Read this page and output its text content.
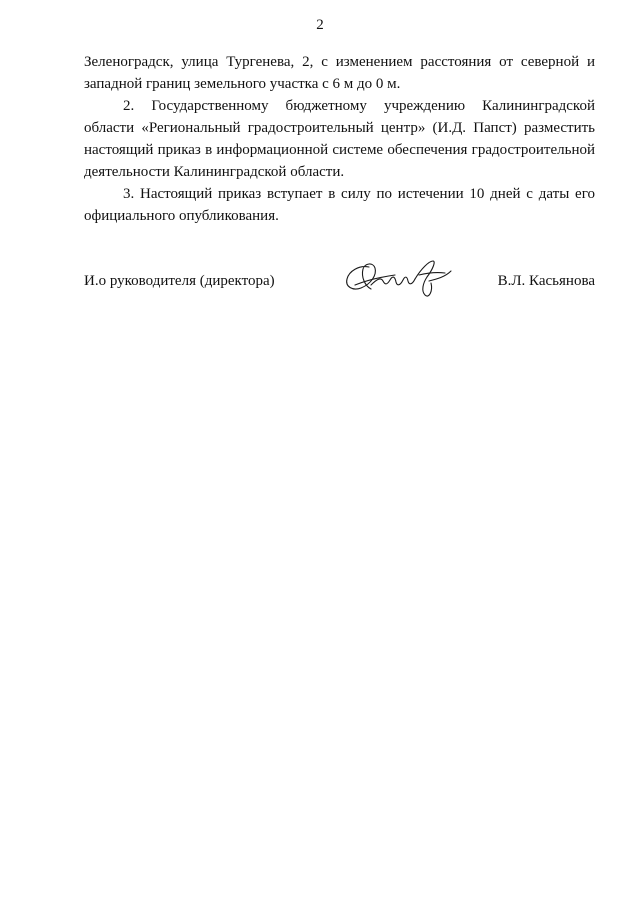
2

Зеленоградск, улица Тургенева, 2, с изменением расстояния от северной и западной границ земельного участка с 6 м до 0 м.

2. Государственному бюджетному учреждению Калининградской области «Региональный градостроительный центр» (И.Д. Папст) разместить настоящий приказ в информационной системе обеспечения градостроительной деятельности Калининградской области.

3. Настоящий приказ вступает в силу по истечении 10 дней с даты его официального опубликования.

И.о руководителя (директора)	В.Л. Касьянова
